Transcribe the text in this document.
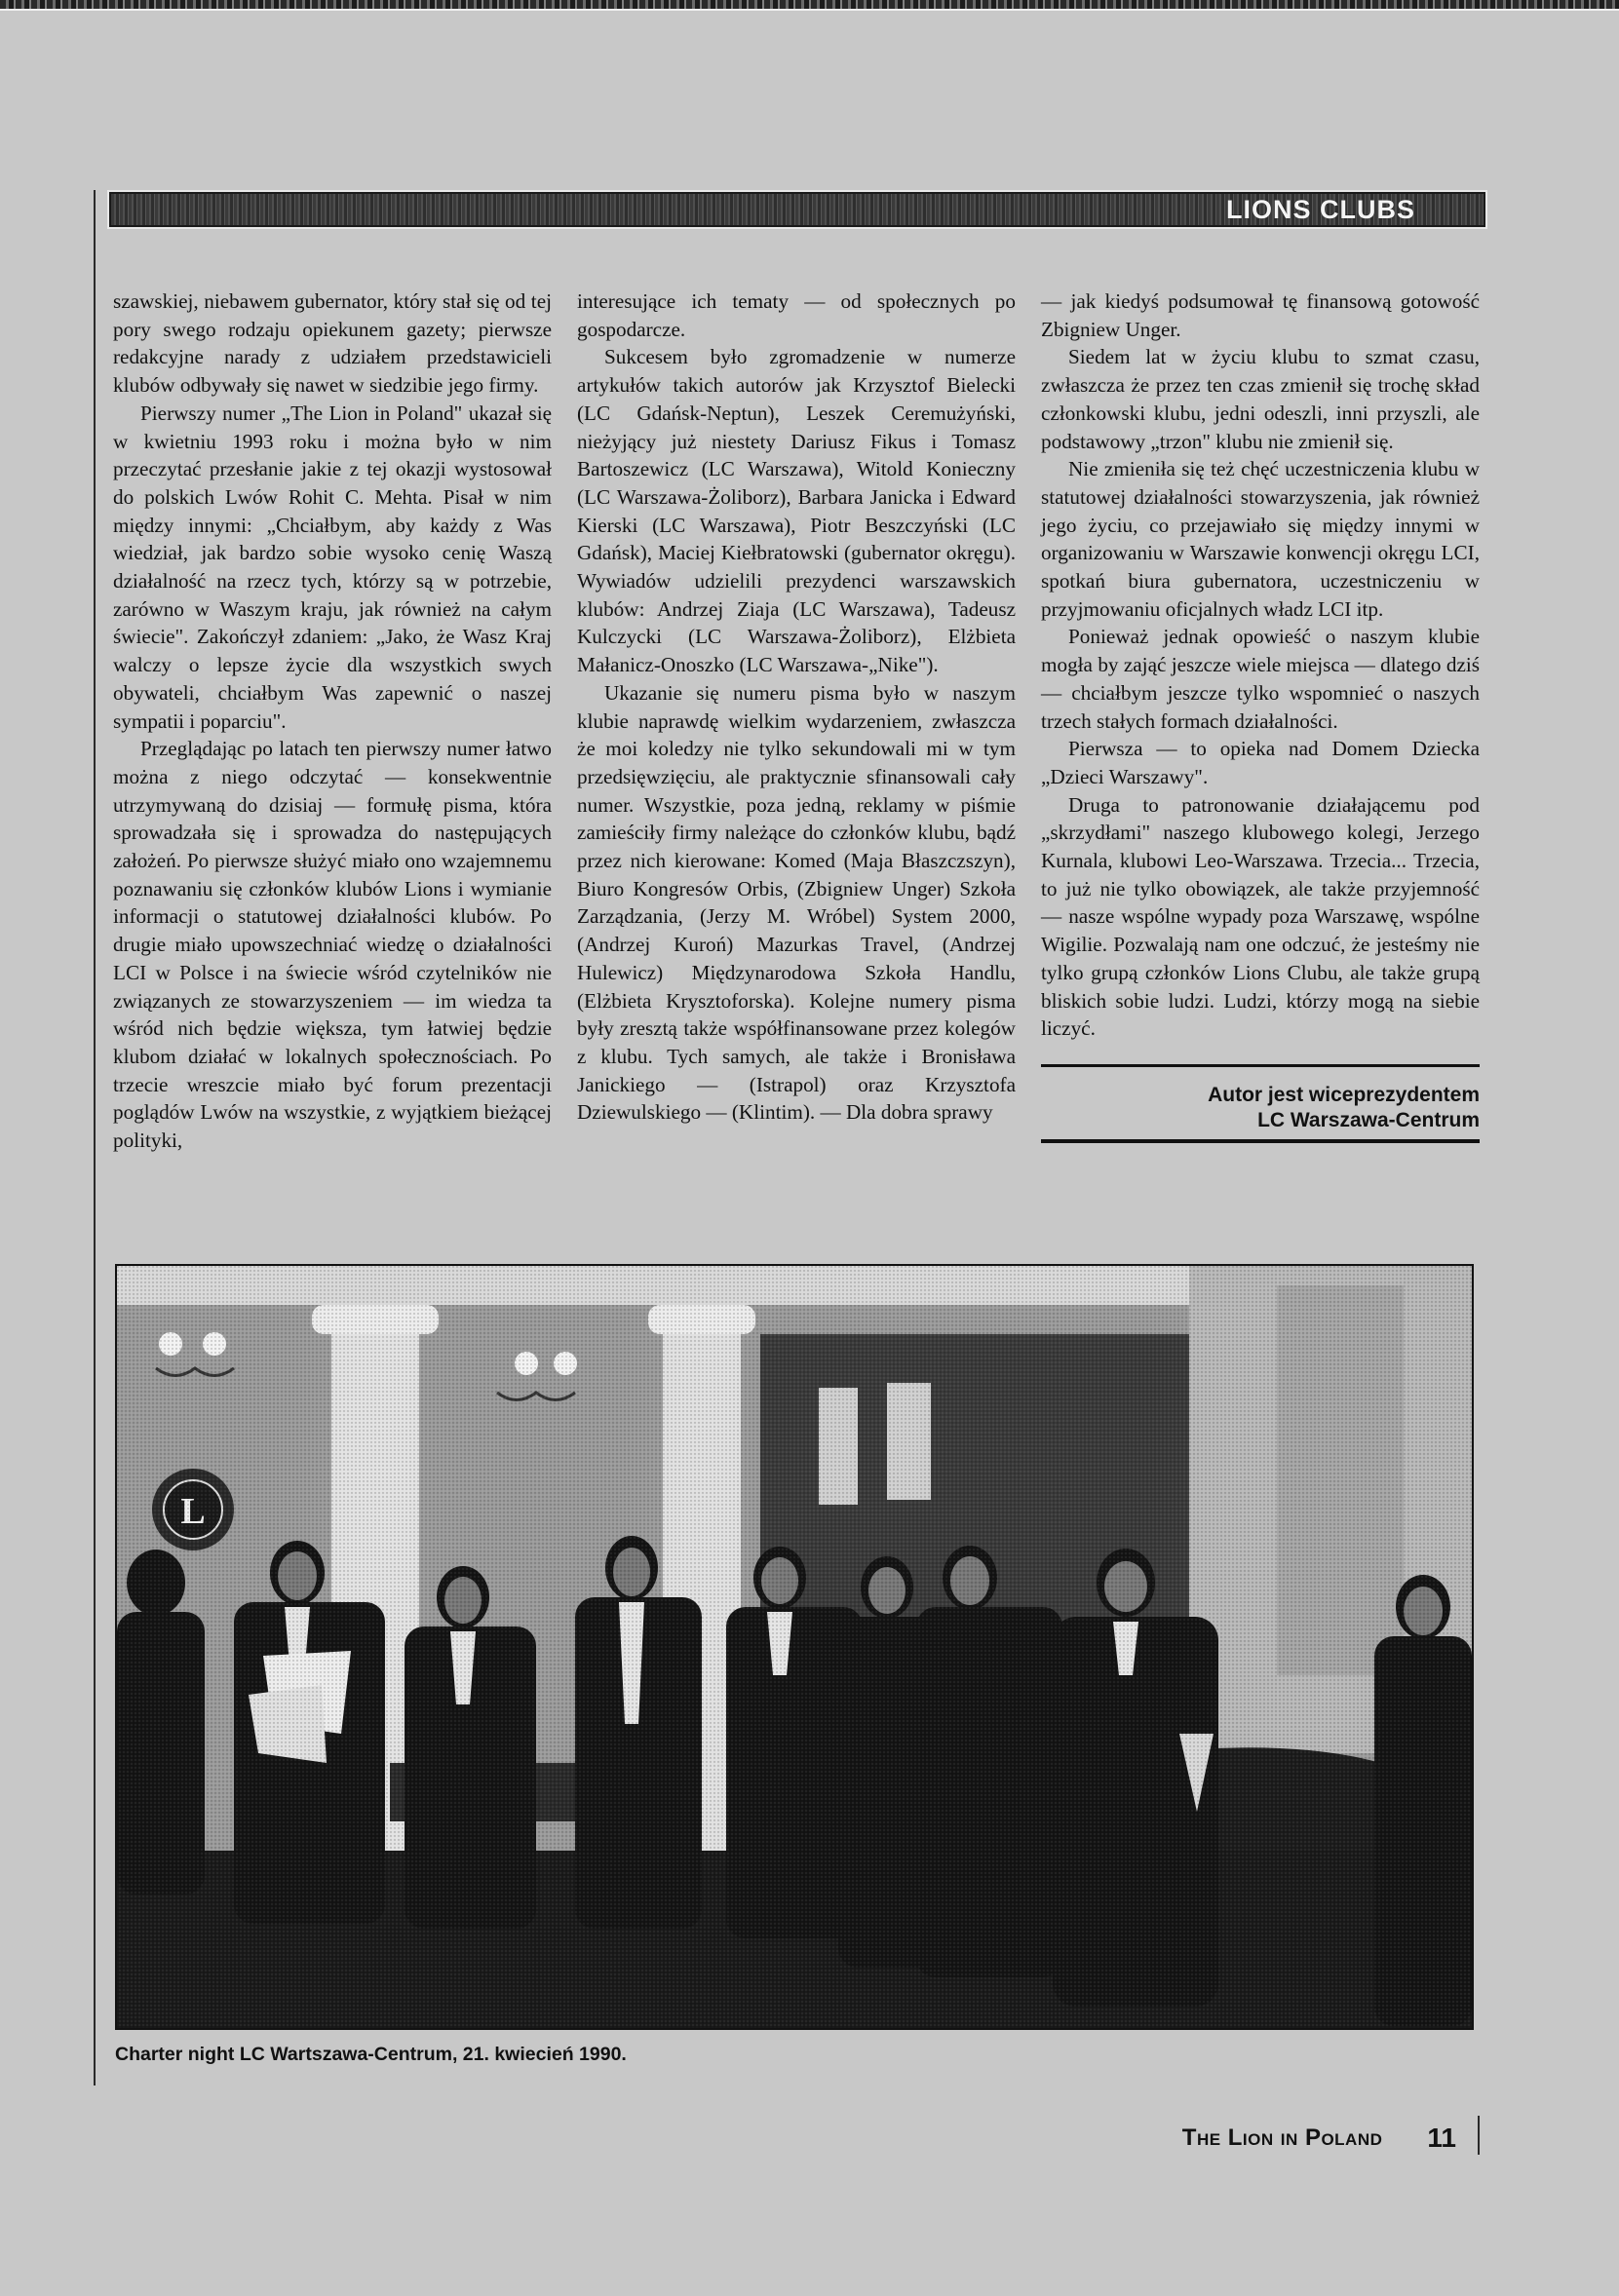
LIONS CLUBS

szawskiej, niebawem gubernator, który stał się od tej pory swego rodzaju opiekunem gazety; pierwsze redakcyjne narady z udziałem przedstawicieli klubów odbywały się nawet w siedzibie jego firmy.

Pierwszy numer „The Lion in Poland" ukazał się w kwietniu 1993 roku i można było w nim przeczytać przesłanie jakie z tej okazji wystosował do polskich Lwów Rohit C. Mehta. Pisał w nim między innymi: „Chciałbym, aby każdy z Was wiedział, jak bardzo sobie wysoko cenię Waszą działalność na rzecz tych, którzy są w potrzebie, zarówno w Waszym kraju, jak również na całym świecie". Zakończył zdaniem: „Jako, że Wasz Kraj walczy o lepsze życie dla wszystkich swych obywateli, chciałbym Was zapewnić o naszej sympatii i poparciu".

Przeglądając po latach ten pierwszy numer łatwo można z niego odczytać — konsekwentnie utrzymywaną do dzisiaj — formułę pisma, która sprowadzała się i sprowadza do następujących założeń. Po pierwsze służyć miało ono wzajemnemu poznawaniu się członków klubów Lions i wymianie informacji o statutowej działalności klubów. Po drugie miało upowszechniać wiedzę o działalności LCI w Polsce i na świecie wśród czytelników nie związanych ze stowarzyszeniem — im wiedza ta wśród nich będzie większa, tym łatwiej będzie klubom działać w lokalnych społecznościach. Po trzecie wreszcie miało być forum prezentacji poglądów Lwów na wszystkie, z wyjątkiem bieżącej polityki,

interesujące ich tematy — od społecznych po gospodarcze.

Sukcesem było zgromadzenie w numerze artykułów takich autorów jak Krzysztof Bielecki (LC Gdańsk-Neptun), Leszek Ceremużyński, nieżyjący już niestety Dariusz Fikus i Tomasz Bartoszewicz (LC Warszawa), Witold Konieczny (LC Warszawa-Żoliborz), Barbara Janicka i Edward Kierski (LC Warszawa), Piotr Beszczyński (LC Gdańsk), Maciej Kiełbratowski (gubernator okręgu). Wywiadów udzielili prezydenci warszawskich klubów: Andrzej Ziaja (LC Warszawa), Tadeusz Kulczycki (LC Warszawa-Żoliborz), Elżbieta Małanicz-Onoszko (LC Warszawa-„Nike").

Ukazanie się numeru pisma było w naszym klubie naprawdę wielkim wydarzeniem, zwłaszcza że moi koledzy nie tylko sekundowali mi w tym przedsięwzięciu, ale praktycznie sfinansowali cały numer. Wszystkie, poza jedną, reklamy w piśmie zamieściły firmy należące do członków klubu, bądź przez nich kierowane: Komed (Maja Błaszczszyn), Biuro Kongresów Orbis, (Zbigniew Unger) Szkoła Zarządzania, (Jerzy M. Wróbel) System 2000, (Andrzej Kuroń) Mazurkas Travel, (Andrzej Hulewicz) Międzynarodowa Szkoła Handlu, (Elżbieta Krysztoforska). Kolejne numery pisma były zresztą także współfinansowane przez kolegów z klubu. Tych samych, ale także i Bronisława Janickiego — (Istrapol) oraz Krzysztofa Dziewulskiego — (Klintim). — Dla dobra sprawy

— jak kiedyś podsumował tę finansową gotowość Zbigniew Unger.

Siedem lat w życiu klubu to szmat czasu, zwłaszcza że przez ten czas zmienił się trochę skład członkowski klubu, jedni odeszli, inni przyszli, ale podstawowy „trzon" klubu nie zmienił się.

Nie zmieniła się też chęć uczestniczenia klubu w statutowej działalności stowarzyszenia, jak również jego życiu, co przejawiało się między innymi w organizowaniu w Warszawie konwencji okręgu LCI, spotkań biura gubernatora, uczestniczeniu w przyjmowaniu oficjalnych władz LCI itp.

Ponieważ jednak opowieść o naszym klubie mogła by zająć jeszcze wiele miejsca — dlatego dziś — chciałbym jeszcze tylko wspomnieć o naszych trzech stałych formach działalności.

Pierwsza — to opieka nad Domem Dziecka „Dzieci Warszawy".

Druga to patronowanie działającemu pod „skrzydłami" naszego klubowego kolegi, Jerzego Kurnala, klubowi Leo-Warszawa. Trzecia... Trzecia, to już nie tylko obowiązek, ale także przyjemność — nasze wspólne wypady poza Warszawę, wspólne Wigilie. Pozwalają nam one odczuć, że jesteśmy nie tylko grupą członków Lions Clubu, ale także grupą bliskich sobie ludzi. Ludzi, którzy mogą na siebie liczyć.

Autor jest wiceprezydentem
LC Warszawa-Centrum
Charter night LC Wartszawa-Centrum, 21. kwiecień 1990.
The Lion in Poland 11
